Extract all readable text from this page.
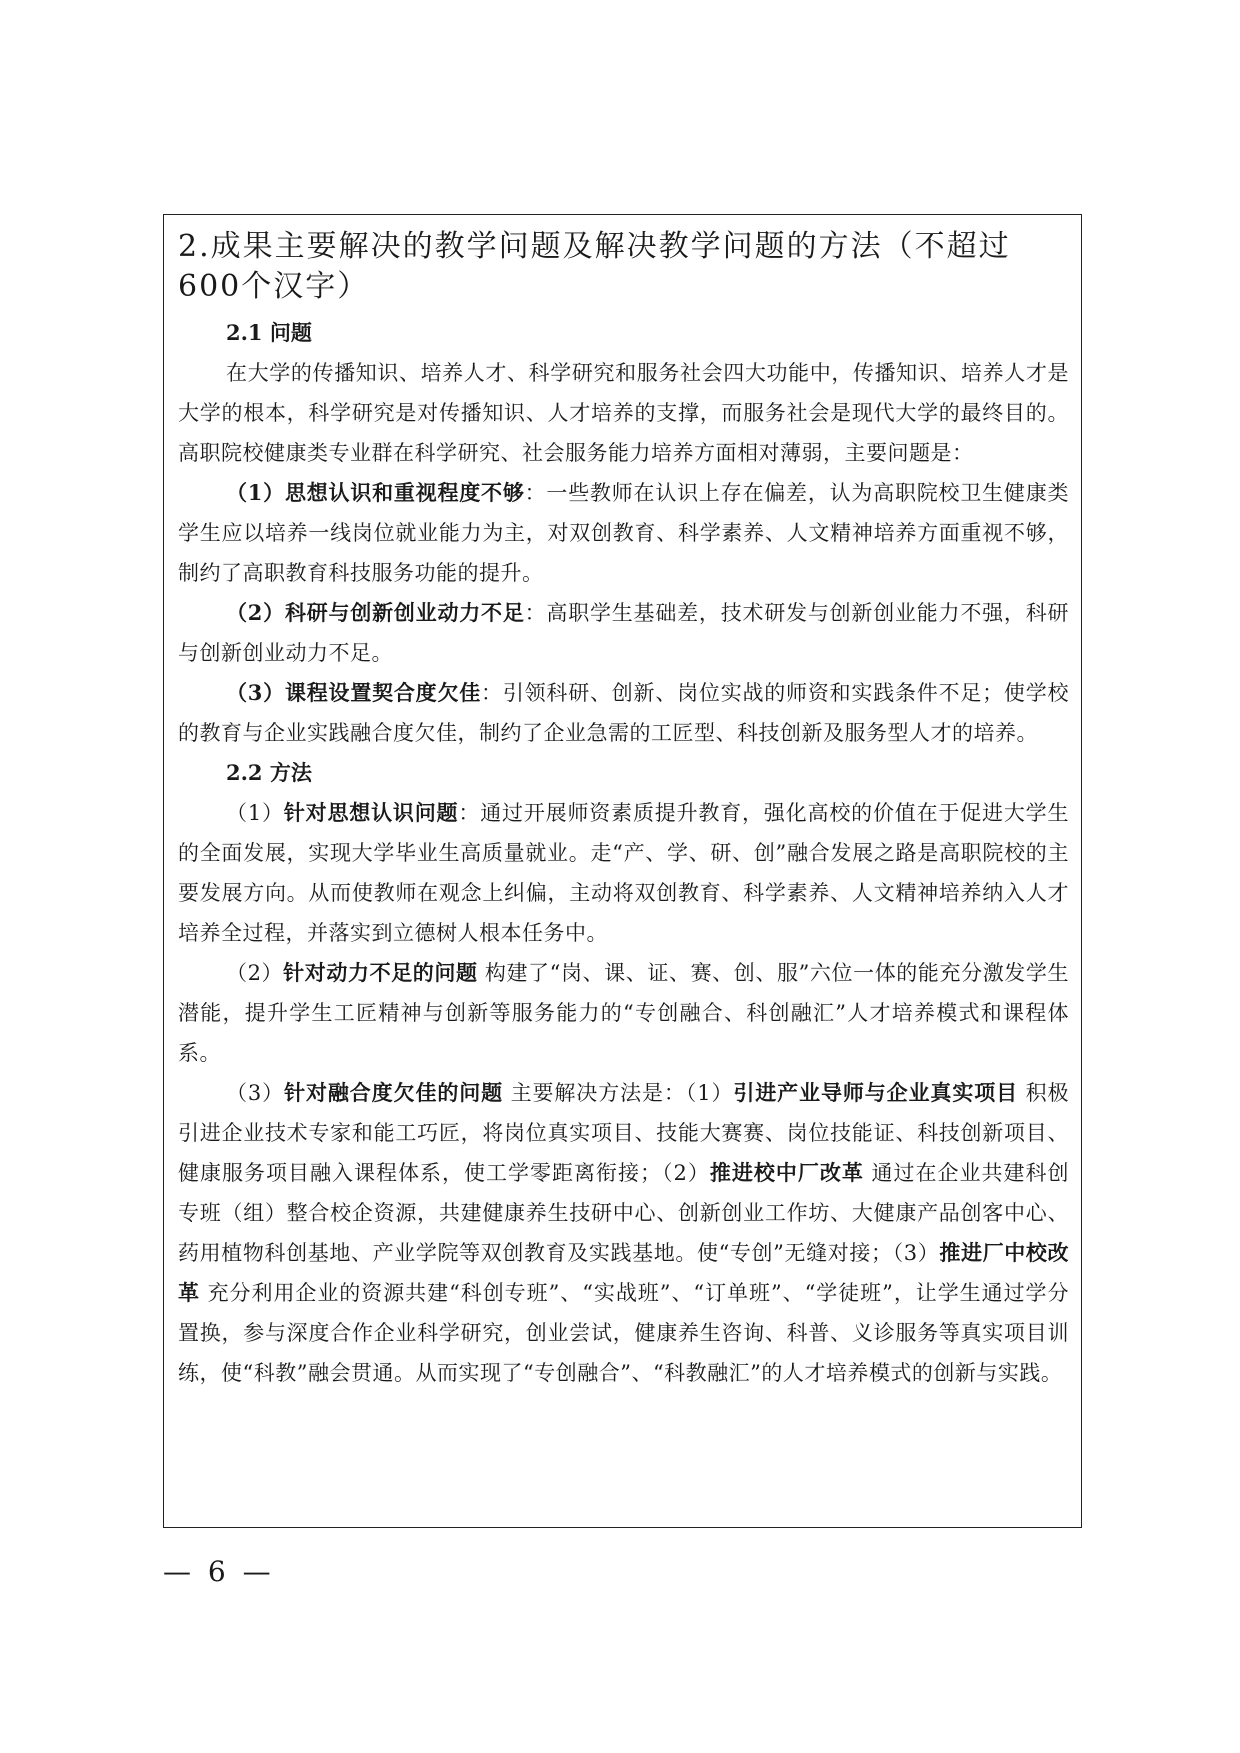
2.成果主要解决的教学问题及解决教学问题的方法（不超过600个汉字）

2.1 问题

在大学的传播知识、培养人才、科学研究和服务社会四大功能中，传播知识、培养人才是大学的根本，科学研究是对传播知识、人才培养的支撑，而服务社会是现代大学的最终目的。高职院校健康类专业群在科学研究、社会服务能力培养方面相对薄弱，主要问题是：

（1）思想认识和重视程度不够：一些教师在认识上存在偏差，认为高职院校卫生健康类学生应以培养一线岗位就业能力为主，对双创教育、科学素养、人文精神培养方面重视不够，制约了高职教育科技服务功能的提升。

（2）科研与创新创业动力不足：高职学生基础差，技术研发与创新创业能力不强，科研与创新创业动力不足。

（3）课程设置契合度欠佳：引领科研、创新、岗位实战的师资和实践条件不足；使学校的教育与企业实践融合度欠佳，制约了企业急需的工匠型、科技创新及服务型人才的培养。

2.2 方法

（1）针对思想认识问题：通过开展师资素质提升教育，强化高校的价值在于促进大学生的全面发展，实现大学毕业生高质量就业。走“产、学、研、创”融合发展之路是高职院校的主要发展方向。从而使教师在观念上纠偏，主动将双创教育、科学素养、人文精神培养纳入人才培养全过程，并落实到立德树人根本任务中。

（2）针对动力不足的问题 构建了“岗、课、证、赛、创、服”六位一体的能充分激发学生潜能，提升学生工匠精神与创新等服务能力的“专创融合、科创融汇”人才培养模式和课程体系。

（3）针对融合度欠佳的问题 主要解决方法是：（1）引进产业导师与企业真实项目 积极引进企业技术专家和能工巧匠，将岗位真实项目、技能大赛赛、岗位技能证、科技创新项目、健康服务项目融入课程体系，使工学零距离衔接；（2）推进校中厂改革 通过在企业共建科创专班（组）整合校企资源，共建健康养生技研中心、创新创业工作坊、大健康产品创客中心、药用植物科创基地、产业学院等双创教育及实践基地。使“专创”无缝对接；（3）推进厂中校改革 充分利用企业的资源共建“科创专班”、“实战班”、“订单班”、“学徒班”，让学生通过学分置换，参与深度合作企业科学研究，创业尝试，健康养生咨询、科普、义诊服务等真实项目训练，使“科教”融会贯通。从而实现了“专创融合”、“科教融汇”的人才培养模式的创新与实践。

— 6 —
